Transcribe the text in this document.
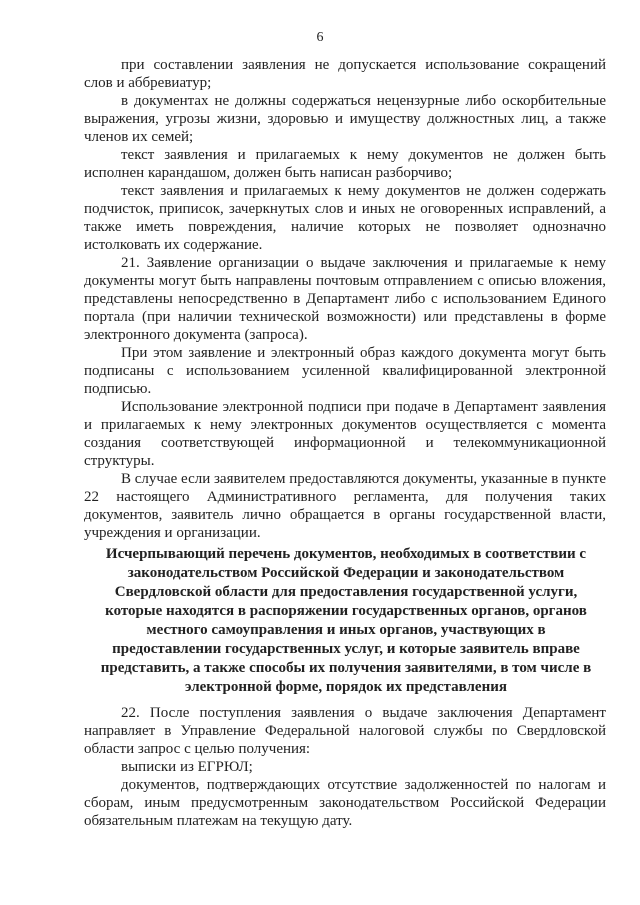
6

при составлении заявления не допускается использование сокращений слов и аббревиатур;

в документах не должны содержаться нецензурные либо оскорбительные выражения, угрозы жизни, здоровью и имуществу должностных лиц, а также членов их семей;

текст заявления и прилагаемых к нему документов не должен быть исполнен карандашом, должен быть написан разборчиво;

текст заявления и прилагаемых к нему документов не должен содержать подчисток, приписок, зачеркнутых слов и иных не оговоренных исправлений, а также иметь повреждения, наличие которых не позволяет однозначно истолковать их содержание.

21. Заявление организации о выдаче заключения и прилагаемые к нему документы могут быть направлены почтовым отправлением с описью вложения, представлены непосредственно в Департамент либо с использованием Единого портала (при наличии технической возможности) или представлены в форме электронного документа (запроса).

При этом заявление и электронный образ каждого документа могут быть подписаны с использованием усиленной квалифицированной электронной подписью.

Использование электронной подписи при подаче в Департамент заявления и прилагаемых к нему электронных документов осуществляется с момента создания соответствующей информационной и телекоммуникационной структуры.

В случае если заявителем предоставляются документы, указанные в пункте 22 настоящего Административного регламента, для получения таких документов, заявитель лично обращается в органы государственной власти, учреждения и организации.

Исчерпывающий перечень документов, необходимых в соответствии с законодательством Российской Федерации и законодательством Свердловской области для предоставления государственной услуги, которые находятся в распоряжении государственных органов, органов местного самоуправления и иных органов, участвующих в предоставлении государственных услуг, и которые заявитель вправе представить, а также способы их получения заявителями, в том числе в электронной форме, порядок их представления

22. После поступления заявления о выдаче заключения Департамент направляет в Управление Федеральной налоговой службы по Свердловской области запрос с целью получения:

выписки из ЕГРЮЛ;

документов, подтверждающих отсутствие задолженностей по налогам и сборам, иным предусмотренным законодательством Российской Федерации обязательным платежам на текущую дату.
